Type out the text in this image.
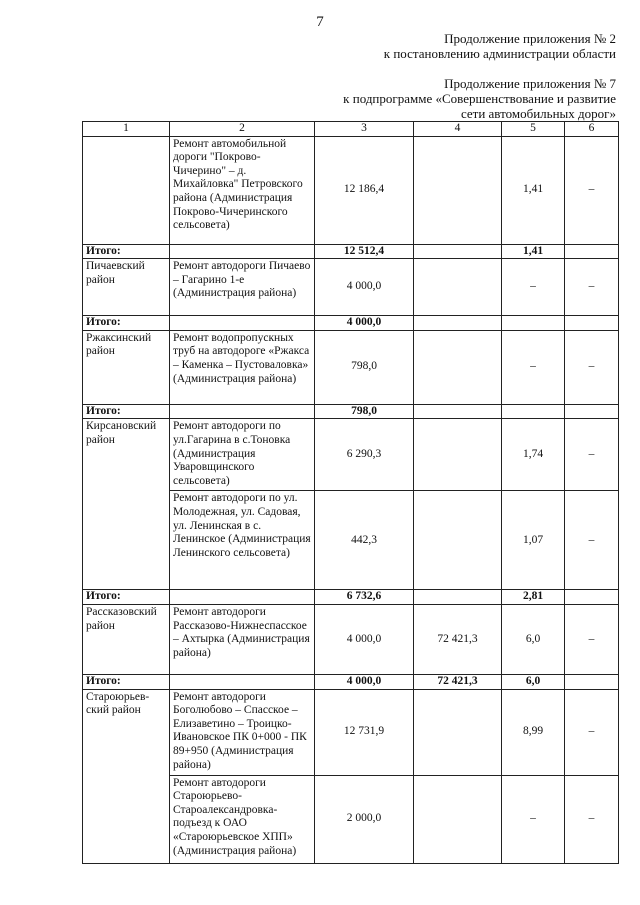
7
Продолжение приложения № 2
к постановлению администрации области
Продолжение приложения № 7
к подпрограмме «Совершенствование и развитие
сети автомобильных дорог»
1	2	3	4	5	6
	Ремонт автомобильной дороги "Покрово-Чичерино" – д. Михайловка" Петровского района (Администрация Покрово-Чичеринского сельсовета)	12 186,4		1,41	–
Итого:		12 512,4		1,41	
Пичаевский район	Ремонт автодороги Пичаево – Гагарино 1-е (Администрация района)	4 000,0		–	–
Итого:		4 000,0			
Ржаксинский район	Ремонт водопропускных труб на автодороге «Ржакса – Каменка – Пустоваловка» (Администрация района)	798,0		–	–
Итого:		798,0			
Кирсановский район	Ремонт автодороги по ул.Гагарина в с.Тоновка (Администрация Уваровщинского сельсовета)	6 290,3		1,74	–
	Ремонт автодороги по ул. Молодежная, ул. Садовая, ул. Ленинская в с. Ленинское (Администрация Ленинского сельсовета)	442,3		1,07	–
Итого:		6 732,6		2,81	
Рассказовский район	Ремонт автодороги Рассказово-Нижнеспасское – Ахтырка (Администрация района)	4 000,0	72 421,3	6,0	–
Итого:		4 000,0	72 421,3	6,0	
Староюрьев-ский район	Ремонт автодороги Боголюбово – Спасское – Елизаветино – Троицко-Ивановское ПК 0+000 - ПК 89+950 (Администрация района)	12 731,9		8,99	–
	Ремонт автодороги Староюрьево-Старoалександровка-подъезд к ОАО «Староюрьевское ХПП» (Администрация района)	2 000,0		–	–
